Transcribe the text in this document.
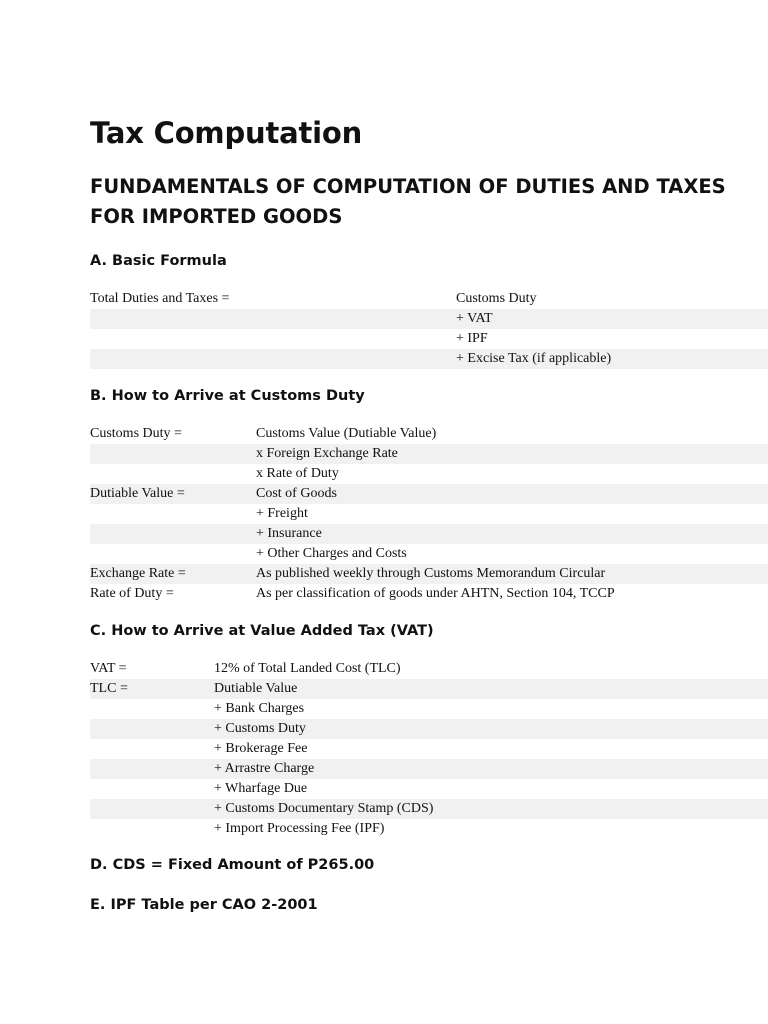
Tax Computation
FUNDAMENTALS OF COMPUTATION OF DUTIES AND TAXES FOR IMPORTED GOODS
A. Basic Formula
Total Duties and Taxes =	Customs Duty
+ VAT
+ IPF
+ Excise Tax (if applicable)
B. How to Arrive at Customs Duty
Customs Duty =	Customs Value (Dutiable Value)
x Foreign Exchange Rate
x Rate of Duty
Dutiable Value =	Cost of Goods
+ Freight
+ Insurance
+ Other Charges and Costs
Exchange Rate =	As published weekly through Customs Memorandum Circular
Rate of Duty =	As per classification of goods under AHTN, Section 104, TCCP
C. How to Arrive at Value Added Tax (VAT)
VAT =	12% of Total Landed Cost (TLC)
TLC =	Dutiable Value
+ Bank Charges
+ Customs Duty
+ Brokerage Fee
+ Arrastre Charge
+ Wharfage Due
+ Customs Documentary Stamp (CDS)
+ Import Processing Fee (IPF)
D. CDS = Fixed Amount of P265.00
E. IPF Table per CAO 2-2001
